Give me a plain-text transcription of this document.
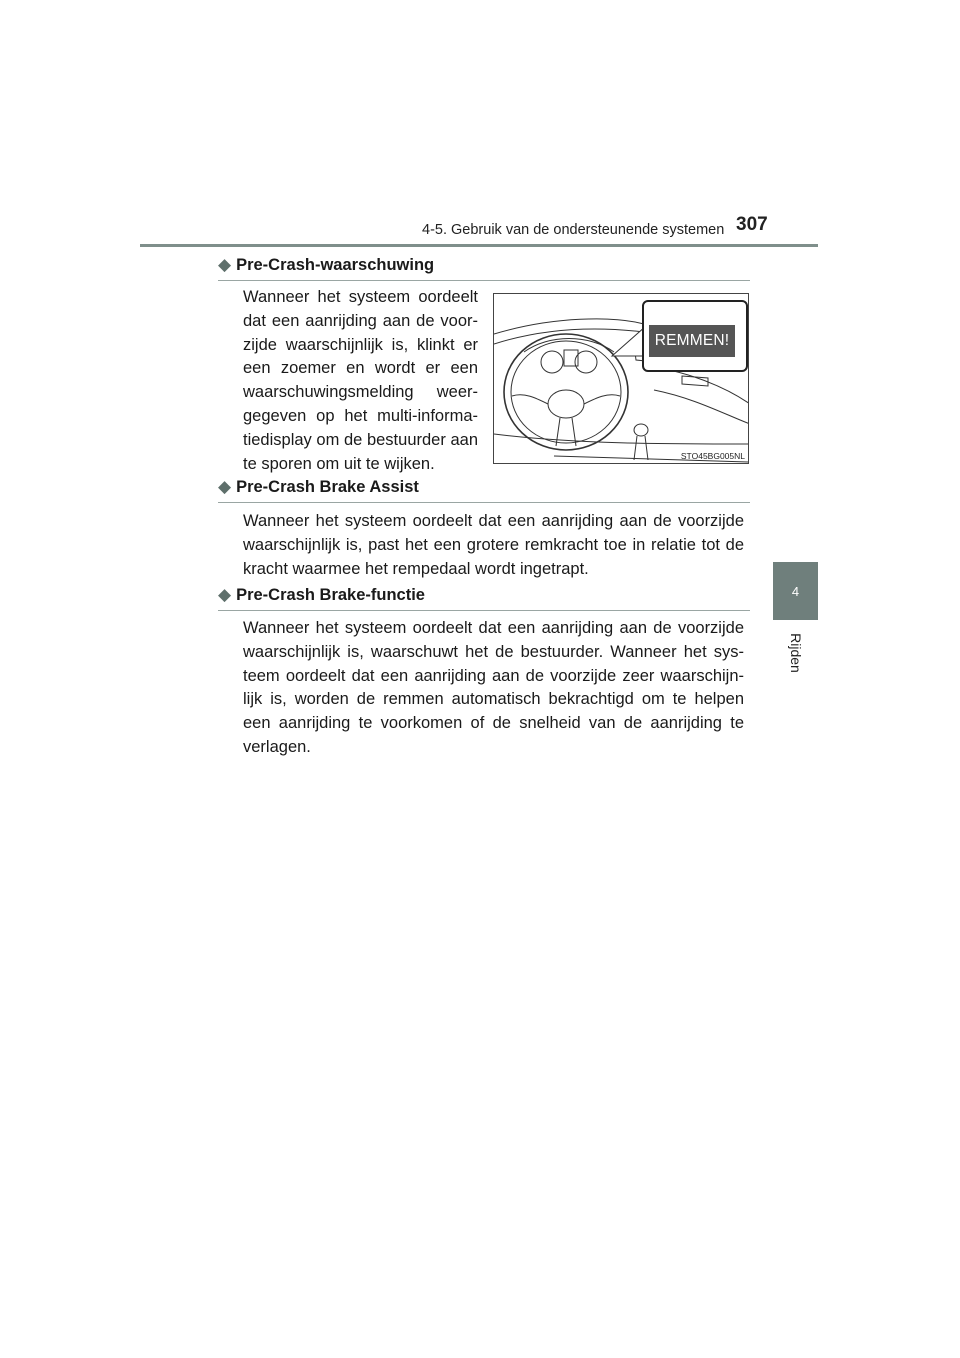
4-5. Gebruik van de ondersteunende systemen 307
4
Rijden
◆ Pre-Crash-waarschuwing
Wanneer het systeem oordeelt dat een aanrijding aan de voor-zijde waarschijnlijk is, klinkt er een zoemer en wordt er een waarschuwingsmelding weer-gegeven op het multi-informa-tiedisplay om de bestuurder aan te sporen om uit te wijken.	STO45BG005NL
REMMEN!
◆ Pre-Crash Brake Assist
Wanneer het systeem oordeelt dat een aanrijding aan de voorzijde waarschijnlijk is, past het een grotere remkracht toe in relatie tot de kracht waarmee het rempedaal wordt ingetrapt.
◆ Pre-Crash Brake-functie
Wanneer het systeem oordeelt dat een aanrijding aan de voorzijde waarschijnlijk is, waarschuwt het de bestuurder. Wanneer het sys-teem oordeelt dat een aanrijding aan de voorzijde zeer waarschijn-lijk is, worden de remmen automatisch bekrachtigd om te helpen een aanrijding te voorkomen of de snelheid van de aanrijding te verlagen.
